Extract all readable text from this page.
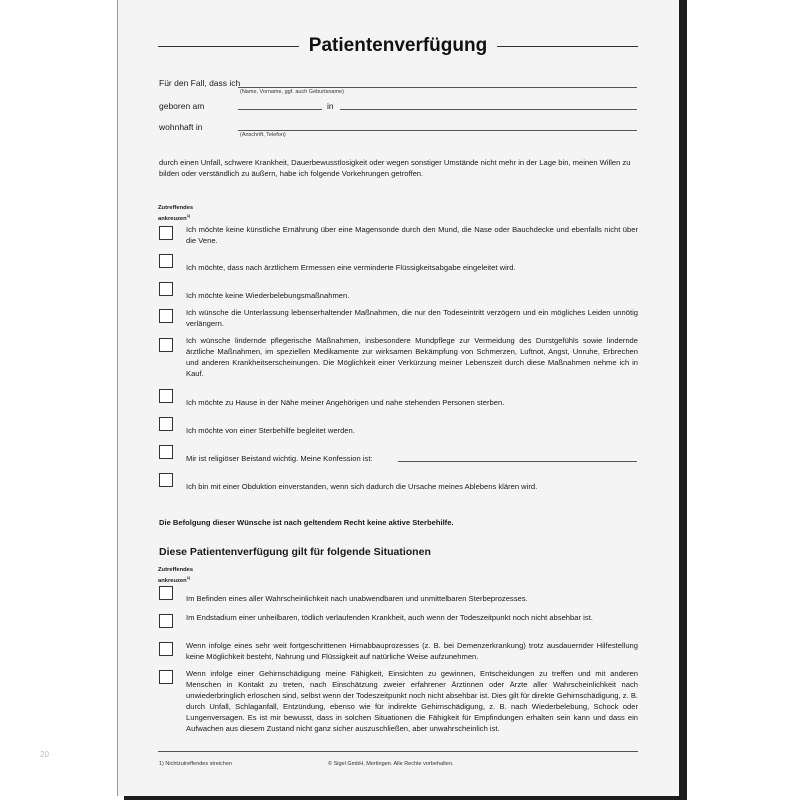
20
Patientenverfügung
Für den Fall, dass ich
(Name, Vorname, ggf. auch Geburtsname)
geboren am	in
wohnhaft in
(Anschrift, Telefon)
durch einen Unfall, schwere Krankheit, Dauerbewusstlosigkeit oder wegen sonstiger Umstände nicht mehr in der Lage bin, meinen Willen zu bilden oder verständlich zu äußern, habe ich folgende Vorkehrungen getroffen.
Zutreffendes
ankreuzen$^{1)}$
Ich möchte keine künstliche Ernährung über eine Magensonde durch den Mund, die Nase oder Bauchdecke und ebenfalls nicht über die Vene.
Ich möchte, dass nach ärztlichem Ermessen eine verminderte Flüssigkeitsabgabe eingeleitet wird.
Ich möchte keine Wiederbelebungsmaßnahmen.
Ich wünsche die Unterlassung lebenserhaltender Maßnahmen, die nur den Todeseintritt verzögern und ein mögliches Leiden unnötig verlängern.
Ich wünsche lindernde pflegerische Maßnahmen, insbesondere Mundpflege zur Vermeidung des Durstgefühls sowie lindernde ärztliche Maßnahmen, im speziellen Medikamente zur wirksamen Bekämpfung von Schmerzen, Luftnot, Angst, Unruhe, Erbrechen und anderen Krankheitserscheinungen. Die Möglichkeit einer Verkürzung meiner Lebenszeit durch diese Maßnahmen nehme ich in Kauf.
Ich möchte zu Hause in der Nähe meiner Angehörigen und nahe stehenden Personen sterben.
Ich möchte von einer Sterbehilfe begleitet werden.
Mir ist religiöser Beistand wichtig. Meine Konfession ist:
Ich bin mit einer Obduktion einverstanden, wenn sich dadurch die Ursache meines Ablebens klären wird.
Die Befolgung dieser Wünsche ist nach geltendem Recht keine aktive Sterbehilfe.
Diese Patientenverfügung gilt für folgende Situationen
Zutreffendes
ankreuzen$^{1)}$
Im Befinden eines aller Wahrscheinlichkeit nach unabwendbaren und unmittelbaren Sterbeprozesses.
Im Endstadium einer unheilbaren, tödlich verlaufenden Krankheit, auch wenn der Todeszeitpunkt noch nicht absehbar ist.
Wenn infolge eines sehr weit fortgeschrittenen Hirnabbauprozesses (z. B. bei Demenzerkrankung) trotz ausdauernder Hilfestellung keine Möglichkeit besteht, Nahrung und Flüssigkeit auf natürliche Weise aufzunehmen.
Wenn infolge einer Gehirnschädigung meine Fähigkeit, Einsichten zu gewinnen, Entscheidungen zu treffen und mit anderen Menschen in Kontakt zu treten, nach Einschätzung zweier erfahrener Ärztinnen oder Ärzte aller Wahrscheinlichkeit nach unwiederbringlich erloschen sind, selbst wenn der Todeszeitpunkt noch nicht absehbar ist. Dies gilt für direkte Gehirnschädigung, z. B. durch Unfall, Schlaganfall, Entzündung, ebenso wie für indirekte Gehirnschädigung, z. B. nach Wiederbelebung, Schock oder Lungenversagen. Es ist mir bewusst, dass in solchen Situationen die Fähigkeit für Empfindungen erhalten sein kann und dass ein Aufwachen aus diesem Zustand nicht ganz sicher auszuschließen, aber unwahrscheinlich ist.
1) Nichtzutreffendes streichen	© Sigel GmbH, Mertingen. Alle Rechte vorbehalten.
